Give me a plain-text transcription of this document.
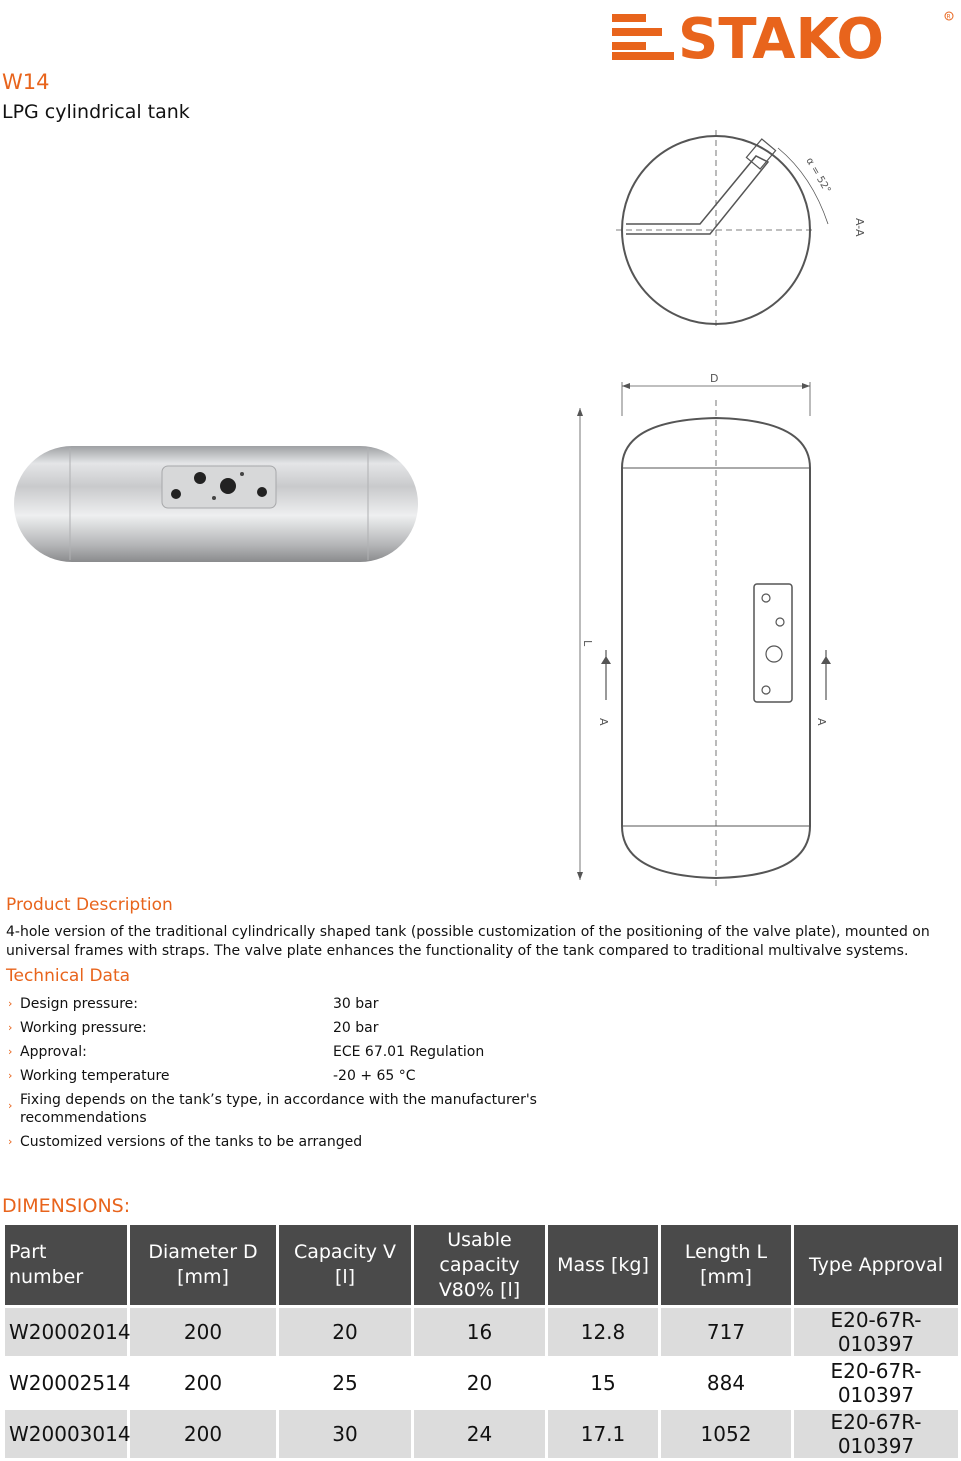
STAKO	R
W14
LPG cylindrical tank
D
L
A	A
A-A
α = 52°
Product Description
4-hole version of the traditional cylindrically shaped tank (possible customization of the positioning of the valve plate), mounted on universal frames with straps. The valve plate enhances the functionality of the tank compared to traditional multivalve systems.
Technical Data
› Design pressure:	30 bar
› Working pressure:	20 bar
› Approval:	ECE 67.01 Regulation
› Working temperature	-20 + 65 °C
› Fixing depends on the tank’s type, in accordance with the manufacturer's recommendations
› Customized versions of the tanks to be arranged
DIMENSIONS:
Part number	Diameter D [mm]	Capacity V [l]	Usable capacity V80% [l]	Mass [kg]	Length L [mm]	Type Approval
W20002014	200	20	16	12.8	717	E20-67R-010397
W20002514	200	25	20	15	884	E20-67R-010397
W20003014	200	30	24	17.1	1052	E20-67R-010397
